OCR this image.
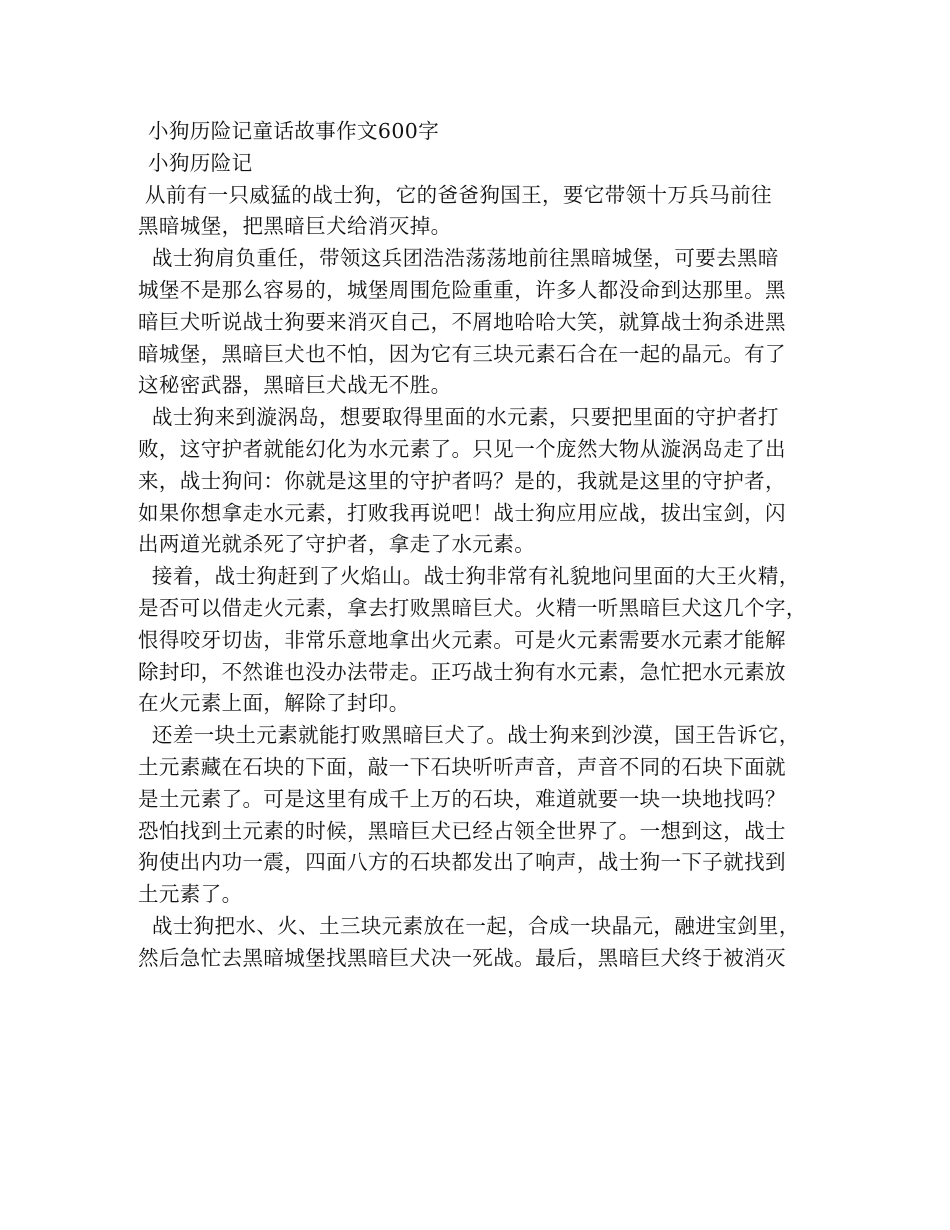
小狗历险记童话故事作文600字
小狗历险记
从前有一只威猛的战士狗，它的爸爸狗国王，要它带领十万兵马前往
黑暗城堡，把黑暗巨犬给消灭掉。
战士狗肩负重任，带领这兵团浩浩荡荡地前往黑暗城堡，可要去黑暗
城堡不是那么容易的，城堡周围危险重重，许多人都没命到达那里。黑
暗巨犬听说战士狗要来消灭自己，不屑地哈哈大笑，就算战士狗杀进黑
暗城堡，黑暗巨犬也不怕，因为它有三块元素石合在一起的晶元。有了
这秘密武器，黑暗巨犬战无不胜。
战士狗来到漩涡岛，想要取得里面的水元素，只要把里面的守护者打
败，这守护者就能幻化为水元素了。只见一个庞然大物从漩涡岛走了出
来，战士狗问：你就是这里的守护者吗？是的，我就是这里的守护者，
如果你想拿走水元素，打败我再说吧！战士狗应用应战，拔出宝剑，闪
出两道光就杀死了守护者，拿走了水元素。
接着，战士狗赶到了火焰山。战士狗非常有礼貌地问里面的大王火精，
是否可以借走火元素，拿去打败黑暗巨犬。火精一听黑暗巨犬这几个字，
恨得咬牙切齿，非常乐意地拿出火元素。可是火元素需要水元素才能解
除封印，不然谁也没办法带走。正巧战士狗有水元素，急忙把水元素放
在火元素上面，解除了封印。
还差一块土元素就能打败黑暗巨犬了。战士狗来到沙漠，国王告诉它，
土元素藏在石块的下面，敲一下石块听听声音，声音不同的石块下面就
是土元素了。可是这里有成千上万的石块，难道就要一块一块地找吗？
恐怕找到土元素的时候，黑暗巨犬已经占领全世界了。一想到这，战士
狗使出内功一震，四面八方的石块都发出了响声，战士狗一下子就找到
土元素了。
战士狗把水、火、土三块元素放在一起，合成一块晶元，融进宝剑里，
然后急忙去黑暗城堡找黑暗巨犬决一死战。最后，黑暗巨犬终于被消灭
